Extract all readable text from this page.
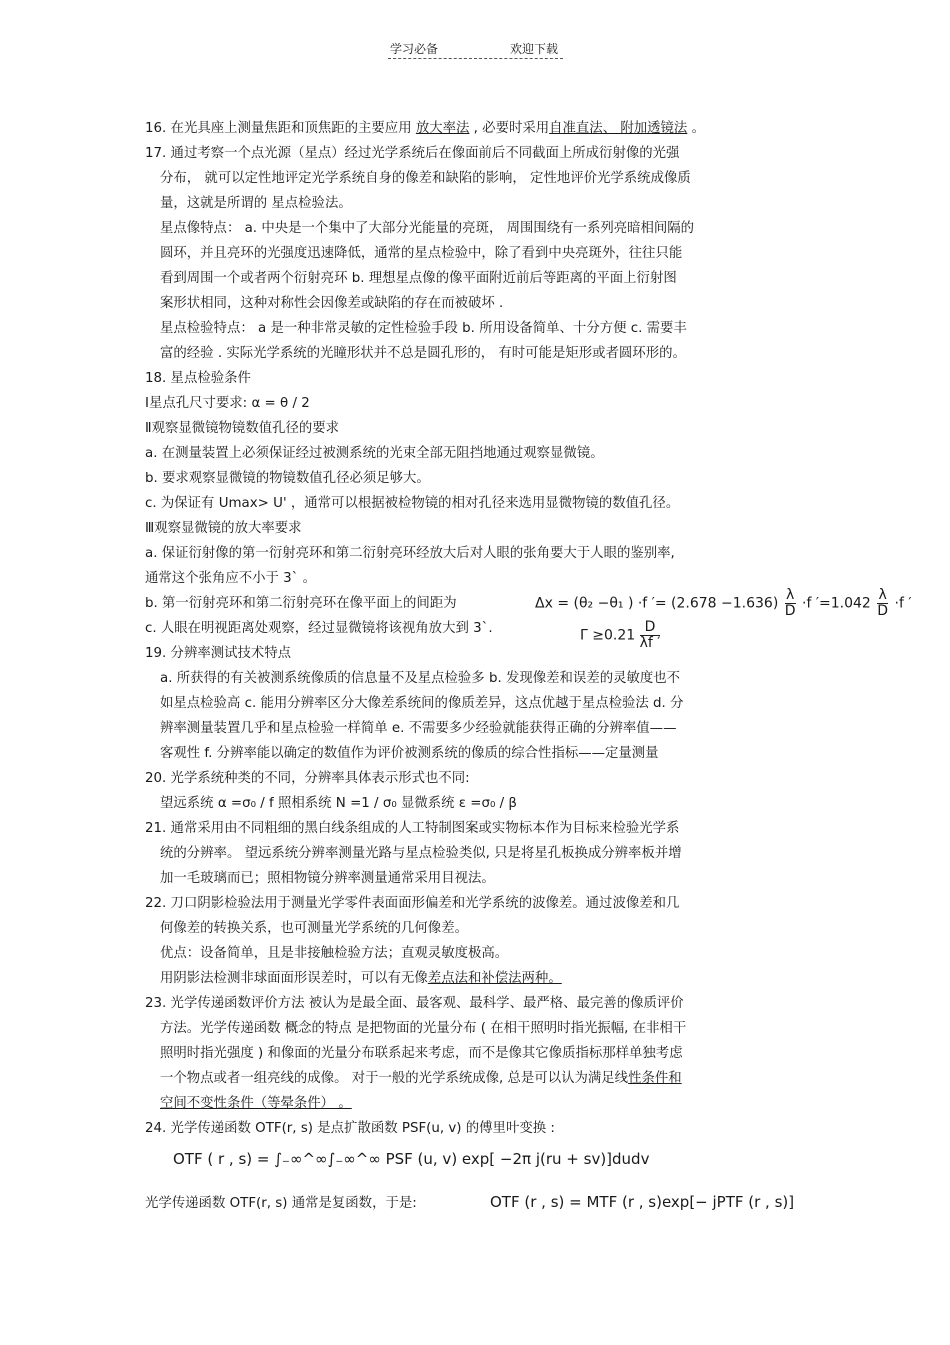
学习必备	欢迎下载
16. 在光具座上测量焦距和顶焦距的主要应用 放大率法 , 必要时采用自准直法、 附加透镜法 。
17. 通过考察一个点光源（星点）经过光学系统后在像面前后不同截面上所成衍射像的光强
分布， 就可以定性地评定光学系统自身的像差和缺陷的影响， 定性地评价光学系统成像质
量，这就是所谓的 星点检验法。
星点像特点： a. 中央是一个集中了大部分光能量的亮斑， 周围围绕有一系列亮暗相间隔的
圆环，并且亮环的光强度迅速降低，通常的星点检验中，除了看到中央亮斑外，往往只能
看到周围一个或者两个衍射亮环 b. 理想星点像的像平面附近前后等距离的平面上衍射图
案形状相同，这种对称性会因像差或缺陷的存在而被破坏 .
星点检验特点： a 是一种非常灵敏的定性检验手段 b. 所用设备简单、十分方便 c. 需要丰
富的经验 . 实际光学系统的光瞳形状并不总是圆孔形的， 有时可能是矩形或者圆环形的。
18. 星点检验条件
Ⅰ星点孔尺寸要求: α = θ / 2
Ⅱ观察显微镜物镜数值孔径的要求
a. 在测量装置上必须保证经过被测系统的光束全部无阻挡地通过观察显微镜。
b. 要求观察显微镜的物镜数值孔径必须足够大。
c. 为保证有 Umax> U' ，通常可以根据被检物镜的相对孔径来选用显微物镜的数值孔径。
Ⅲ观察显微镜的放大率要求
a. 保证衍射像的第一衍射亮环和第二衍射亮环经放大后对人眼的张角要大于人眼的鉴别率,
通常这个张角应不小于 3` 。
b. 第一衍射亮环和第二衍射亮环在像平面上的间距为
c. 人眼在明视距离处观察，经过显微镜将该视角放大到 3`.
19. 分辨率测试技术特点
a. 所获得的有关被测系统像质的信息量不及星点检验多 b. 发现像差和误差的灵敏度也不
如星点检验高 c. 能用分辨率区分大像差系统间的像质差异，这点优越于星点检验法 d. 分
辨率测量装置几乎和星点检验一样简单 e. 不需要多少经验就能获得正确的分辨率值——
客观性 f. 分辨率能以确定的数值作为评价被测系统的像质的综合性指标——定量测量
20. 光学系统种类的不同，分辨率具体表示形式也不同:
望远系统 α =σ₀ / f 照相系统 N =1 / σ₀ 显微系统 ε =σ₀ / β
21. 通常采用由不同粗细的黑白线条组成的人工特制图案或实物标本作为目标来检验光学系
统的分辨率。 望远系统分辨率测量光路与星点检验类似, 只是将星孔板换成分辨率板并增
加一毛玻璃而已；照相物镜分辨率测量通常采用目视法。
22. 刀口阴影检验法用于测量光学零件表面面形偏差和光学系统的波像差。通过波像差和几
何像差的转换关系，也可测量光学系统的几何像差。
优点：设备简单，且是非接触检验方法；直观灵敏度极高。
用阴影法检测非球面面形误差时，可以有无像差点法和补偿法两种。
23. 光学传递函数评价方法 被认为是最全面、最客观、最科学、最严格、最完善的像质评价
方法。光学传递函数 概念的特点 是把物面的光量分布 ( 在相干照明时指光振幅, 在非相干
照明时指光强度 ) 和像面的光量分布联系起来考虑，而不是像其它像质指标那样单独考虑
一个物点或者一组亮线的成像。 对于一般的光学系统成像, 总是可以认为满足线性条件和
空间不变性条件（等晕条件） 。
24. 光学传递函数 OTF(r, s) 是点扩散函数 PSF(u, v) 的傅里叶变换 :
光学传递函数 OTF(r, s) 通常是复函数，于是:
Δx = (θ₂ −θ₁ ) ·f ′= $(2.678 -1.636) \frac{\lambda}{D} \cdot f$ $'=1.042 \frac{\lambda}{D} \cdot f$ ′
$\Gamma \ge 0.21 \frac{D}{\lambda f '}$
OTF ( r , s) = ∫₋∞^∞∫₋∞^∞ PSF (u, v) exp[ −2π j(ru + sv)]dudv
OTF (r , s) = MTF (r , s)exp[− jPTF (r , s)]
